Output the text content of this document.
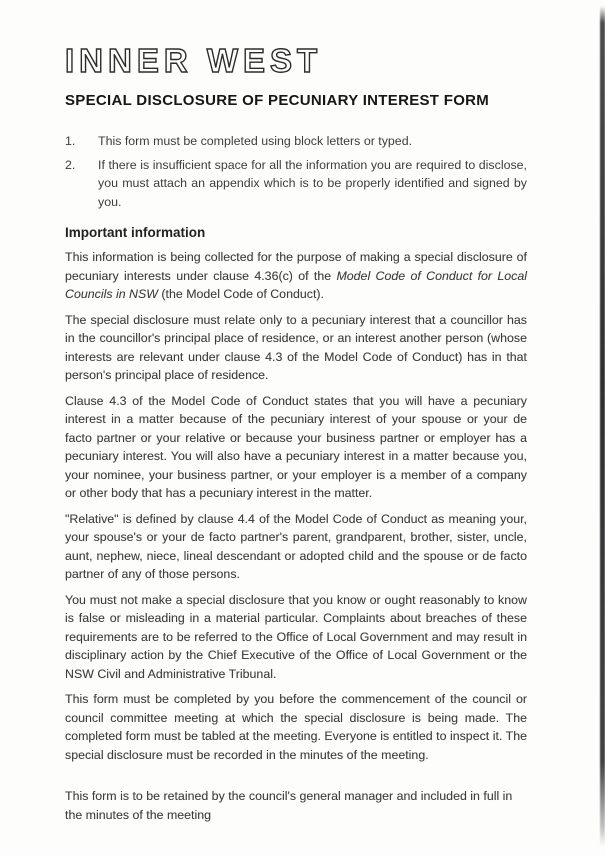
INNER WEST
SPECIAL DISCLOSURE OF PECUNIARY INTEREST FORM
1.	This form must be completed using block letters or typed.
2.	If there is insufficient space for all the information you are required to disclose, you must attach an appendix which is to be properly identified and signed by you.
Important information

This information is being collected for the purpose of making a special disclosure of pecuniary interests under clause 4.36(c) of the Model Code of Conduct for Local Councils in NSW (the Model Code of Conduct).

The special disclosure must relate only to a pecuniary interest that a councillor has in the councillor's principal place of residence, or an interest another person (whose interests are relevant under clause 4.3 of the Model Code of Conduct) has in that person's principal place of residence.

Clause 4.3 of the Model Code of Conduct states that you will have a pecuniary interest in a matter because of the pecuniary interest of your spouse or your de facto partner or your relative or because your business partner or employer has a pecuniary interest. You will also have a pecuniary interest in a matter because you, your nominee, your business partner, or your employer is a member of a company or other body that has a pecuniary interest in the matter.

"Relative" is defined by clause 4.4 of the Model Code of Conduct as meaning your, your spouse's or your de facto partner's parent, grandparent, brother, sister, uncle, aunt, nephew, niece, lineal descendant or adopted child and the spouse or de facto partner of any of those persons.

You must not make a special disclosure that you know or ought reasonably to know is false or misleading in a material particular. Complaints about breaches of these requirements are to be referred to the Office of Local Government and may result in disciplinary action by the Chief Executive of the Office of Local Government or the NSW Civil and Administrative Tribunal.

This form must be completed by you before the commencement of the council or council committee meeting at which the special disclosure is being made. The completed form must be tabled at the meeting. Everyone is entitled to inspect it. The special disclosure must be recorded in the minutes of the meeting.

This form is to be retained by the council's general manager and included in full in the minutes of the meeting
